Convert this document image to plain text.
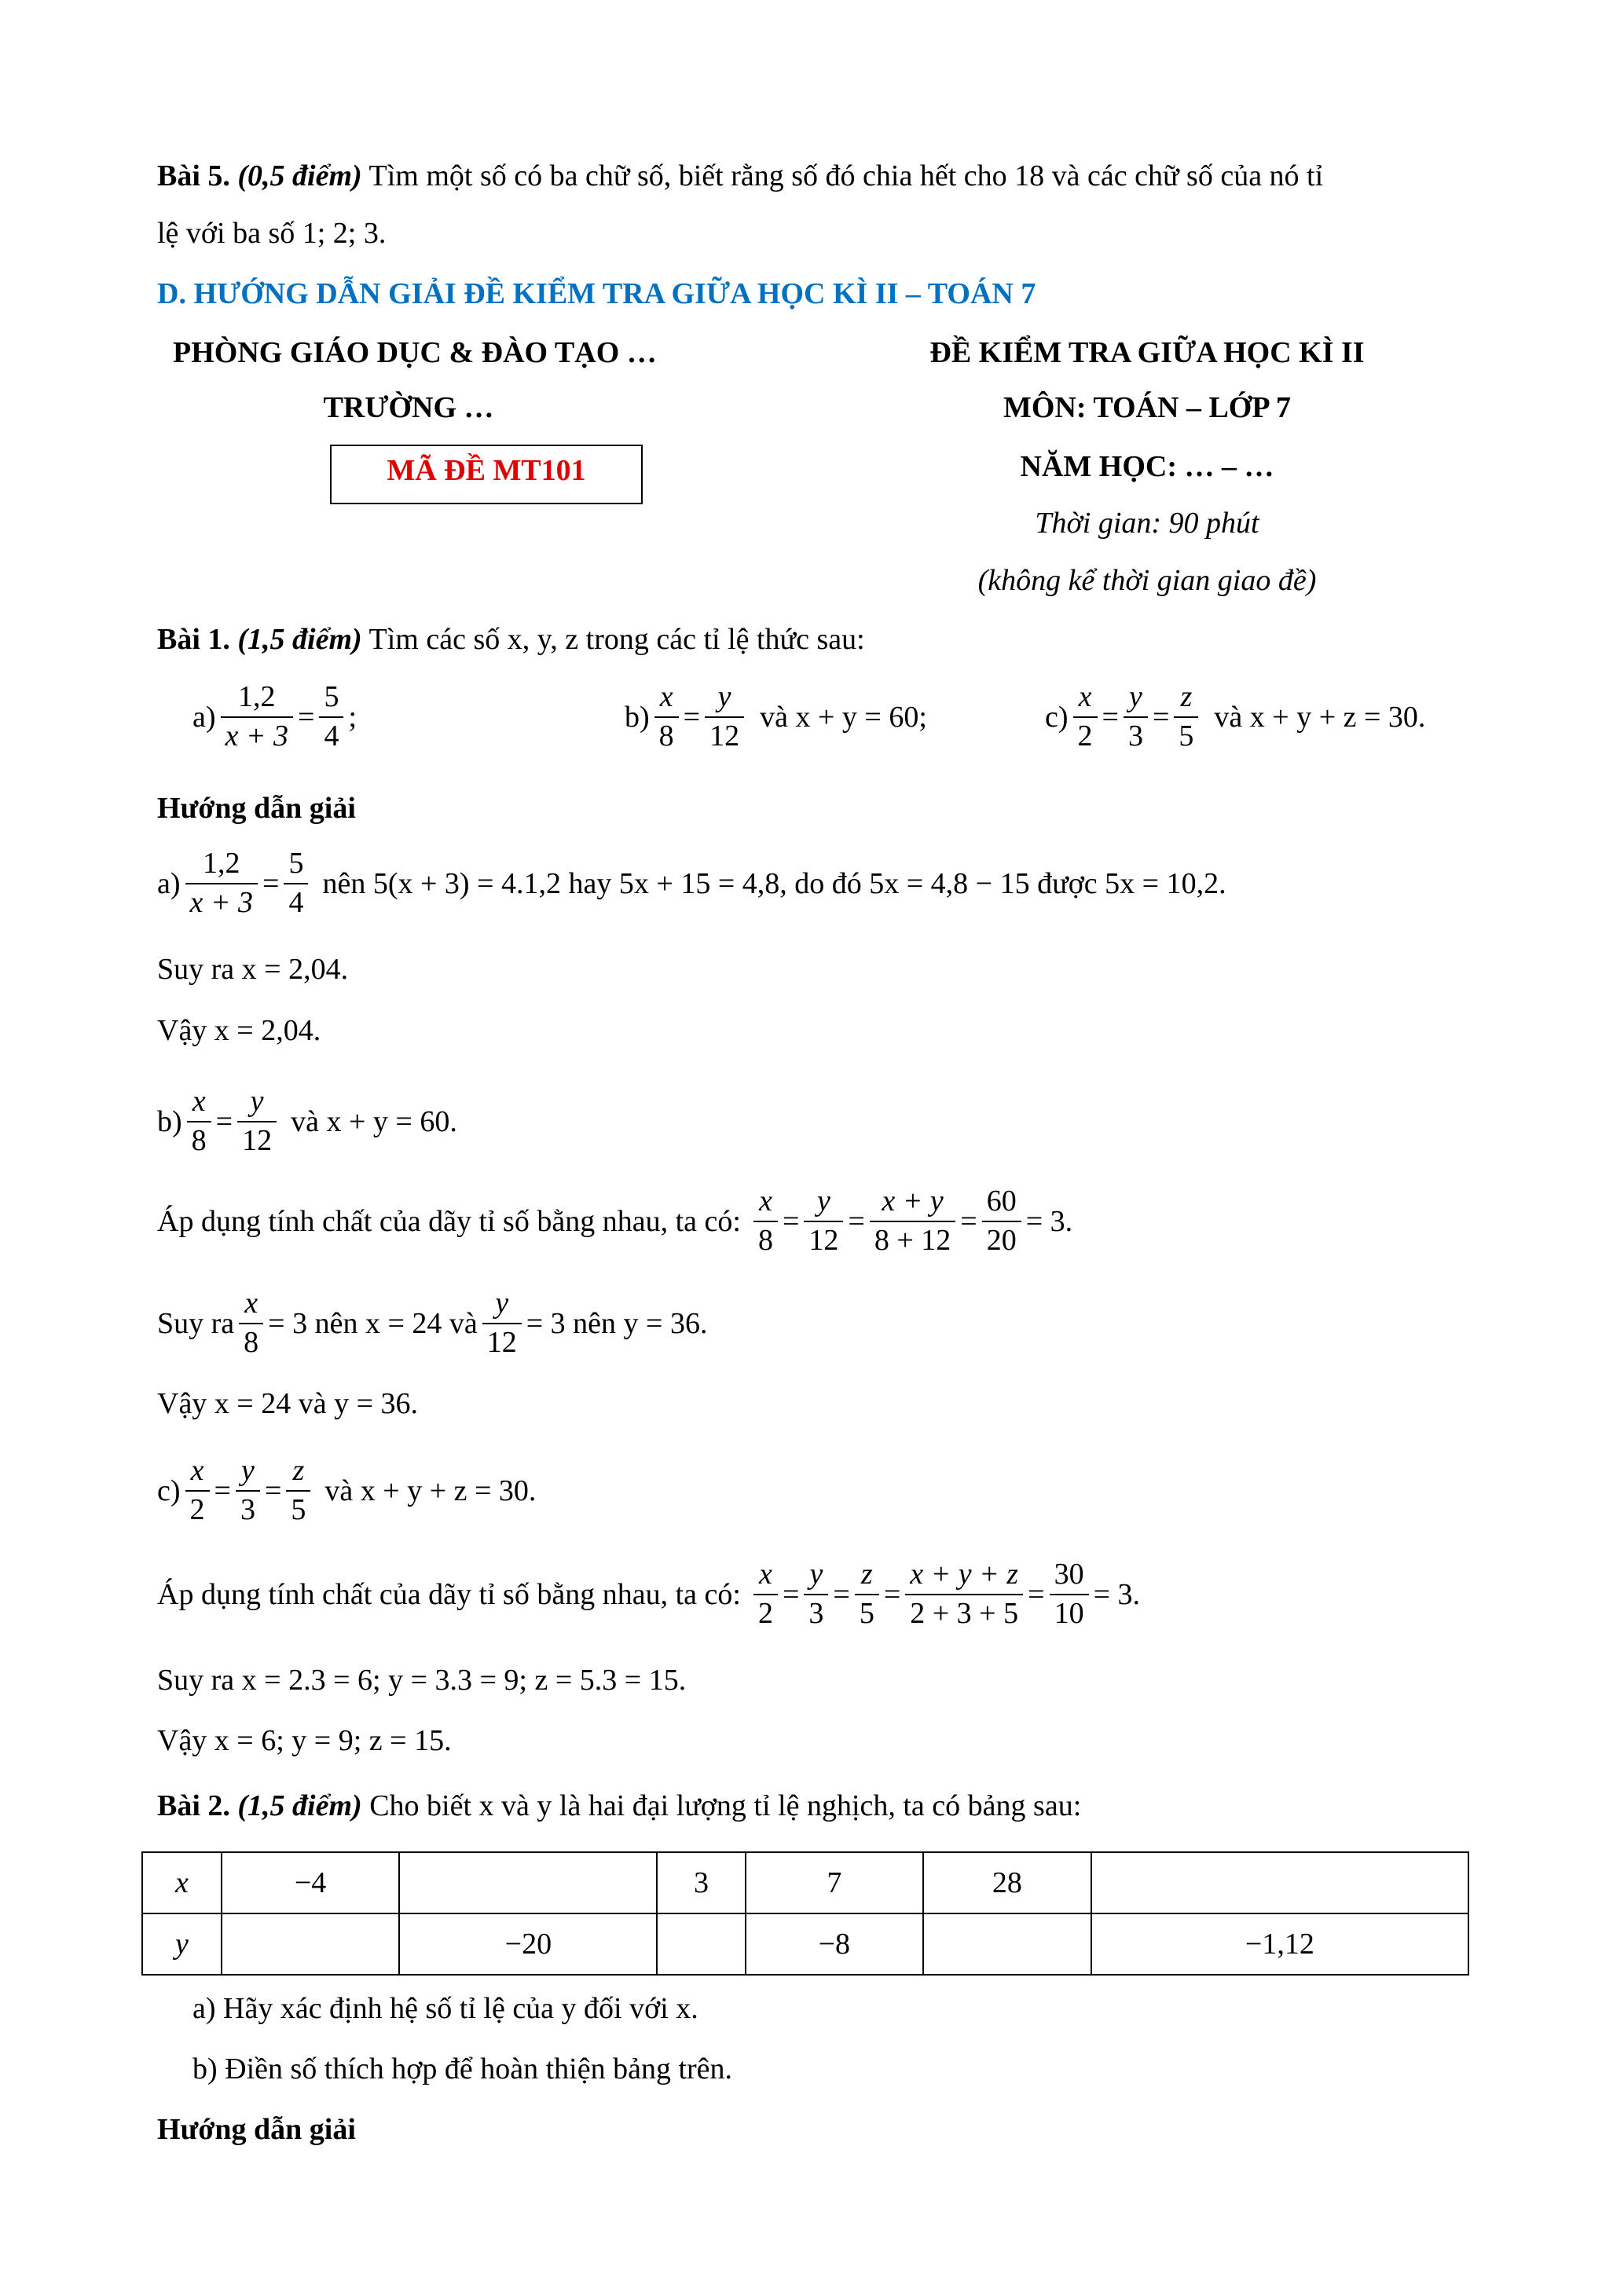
Bài 5. (0,5 điểm) Tìm một số có ba chữ số, biết rằng số đó chia hết cho 18 và các chữ số của nó tỉ
lệ với ba số 1; 2; 3.
D. HƯỚNG DẪN GIẢI ĐỀ KIỂM TRA GIỮA HỌC KÌ II – TOÁN 7
PHÒNG GIÁO DỤC & ĐÀO TẠO …
TRƯỜNG …
MÃ ĐỀ MT101
ĐỀ KIỂM TRA GIỮA HỌC KÌ II
MÔN: TOÁN – LỚP 7
NĂM HỌC: … – …
Thời gian: 90 phút
(không kể thời gian giao đề)
Bài 1. (1,5 điểm) Tìm các số x, y, z trong các tỉ lệ thức sau:
$a) \frac{1,2}{x + 3} = \frac{5}{4}$ ;	$b) \frac{x}{8} = \frac{y}{12}$ và x + y = 60;	$c) \frac{x}{2} = \frac{y}{3} = \frac{z}{5}$ và x + y + z = 30.
Hướng dẫn giải
$a) \frac{1,2}{x + 3} = \frac{5}{4}$ nên 5(x + 3) = 4.1,2 hay 5x + 15 = 4,8, do đó 5x = 4,8 − 15 được 5x = 10,2.
Suy ra x = 2,04.
Vậy x = 2,04.
$b) \frac{x}{8} = \frac{y}{12}$ và x + y = 60.
Áp dụng tính chất của dãy tỉ số bằng nhau, ta có: $\frac{x}{8} = \frac{y}{12} = \frac{x + y}{8 + 12} = \frac{60}{20} = 3$.
Suy ra $\frac{x}{8} = 3$ nên x = 24 và $\frac{y}{12} = 3$ nên y = 36.
Vậy x = 24 và y = 36.
$c) \frac{x}{2} = \frac{y}{3} = \frac{z}{5}$ và x + y + z = 30.
Áp dụng tính chất của dãy tỉ số bằng nhau, ta có: $\frac{x}{2} = \frac{y}{3} = \frac{z}{5} = \frac{x + y + z}{2 + 3 + 5} = \frac{30}{10} = 3$.
Suy ra x = 2.3 = 6; y = 3.3 = 9; z = 5.3 = 15.
Vậy x = 6; y = 9; z = 15.
Bài 2. (1,5 điểm) Cho biết x và y là hai đại lượng tỉ lệ nghịch, ta có bảng sau:
x	−4		3	7	28	
y		−20		−8		−1,12
a) Hãy xác định hệ số tỉ lệ của y đối với x.
b) Điền số thích hợp để hoàn thiện bảng trên.
Hướng dẫn giải
